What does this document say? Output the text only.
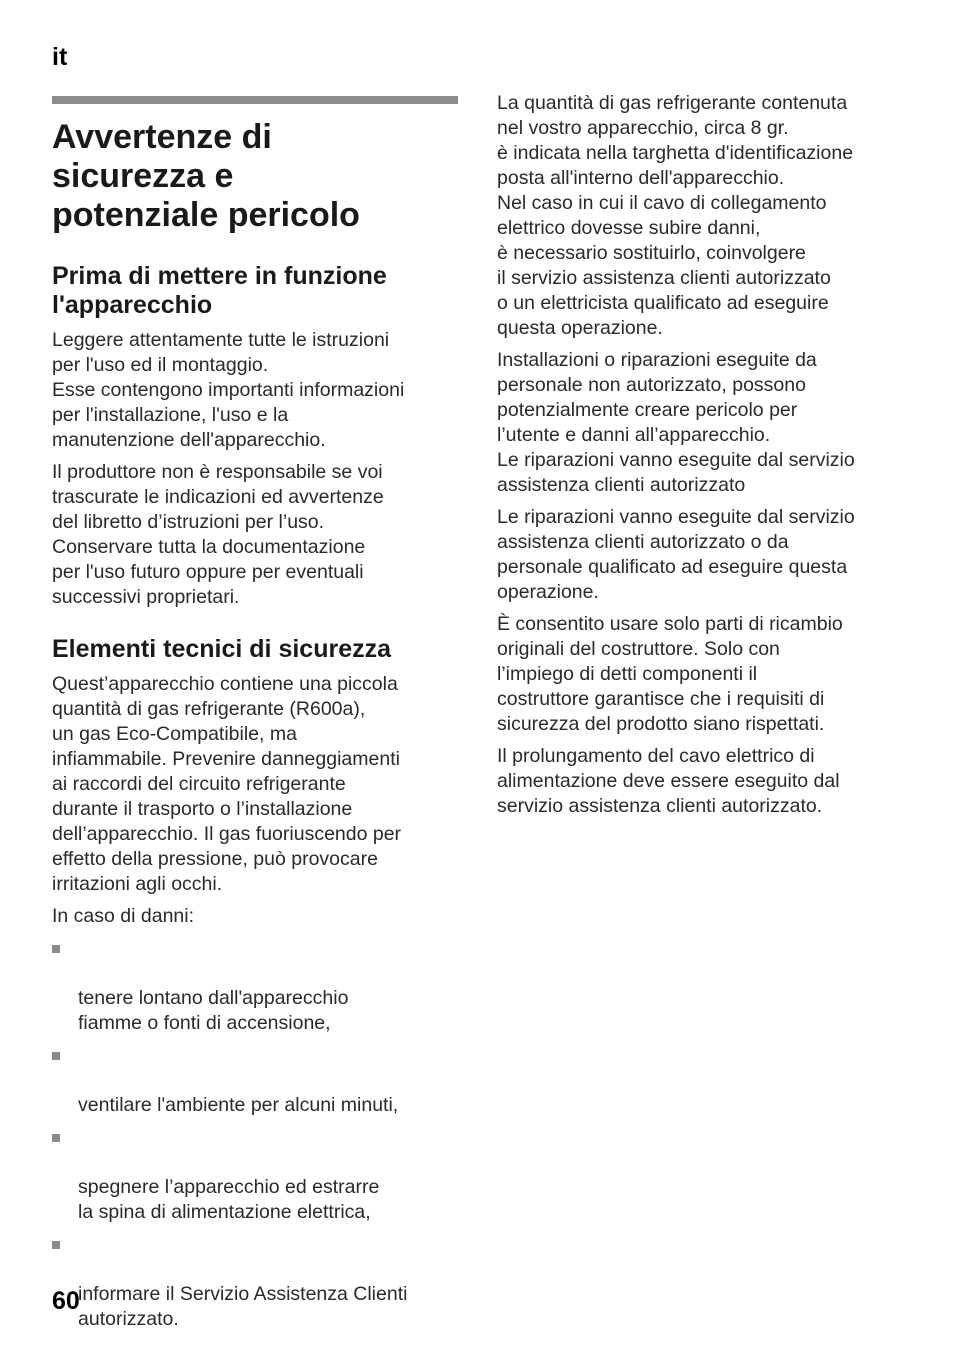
it
Avvertenze di
sicurezza e
potenziale pericolo
Prima di mettere in funzione
l'apparecchio

Leggere attentamente tutte le istruzioni
per l'uso ed il montaggio.
Esse contengono importanti informazioni
per l'installazione, l'uso e la
manutenzione dell'apparecchio.

Il produttore non è responsabile se voi
trascurate le indicazioni ed avvertenze
del libretto d’istruzioni per l’uso.
Conservare tutta la documentazione
per l'uso futuro oppure per eventuali
successivi proprietari.

Elementi tecnici di sicurezza

Quest’apparecchio contiene una piccola
quantità di gas refrigerante (R600a),
un gas Eco-Compatibile, ma
infiammabile. Prevenire danneggiamenti
ai raccordi del circuito refrigerante
durante il trasporto o l’installazione
dell’apparecchio. Il gas fuoriuscendo per
effetto della pressione, può provocare
irritazioni agli occhi.

In caso di danni:

tenere lontano dall'apparecchio
fiamme o fonti di accensione,

ventilare l'ambiente per alcuni minuti,

spegnere l’apparecchio ed estrarre
la spina di alimentazione elettrica,

informare il Servizio Assistenza Clienti
autorizzato.

La quantità di gas refrigerante contenuta
nel vostro apparecchio, circa 8 gr.
è indicata nella targhetta d'identificazione
posta all'interno dell'apparecchio.
Nel caso in cui il cavo di collegamento
elettrico dovesse subire danni,
è necessario sostituirlo, coinvolgere
il servizio assistenza clienti autorizzato
o un elettricista qualificato ad eseguire
questa operazione.

Installazioni o riparazioni eseguite da
personale non autorizzato, possono
potenzialmente creare pericolo per
l’utente e danni all’apparecchio.
Le riparazioni vanno eseguite dal servizio
assistenza clienti autorizzato

Le riparazioni vanno eseguite dal servizio
assistenza clienti autorizzato o da
personale qualificato ad eseguire questa
operazione.

È consentito usare solo parti di ricambio
originali del costruttore. Solo con
l’impiego di detti componenti il
costruttore garantisce che i requisiti di
sicurezza del prodotto siano rispettati.

Il prolungamento del cavo elettrico di
alimentazione deve essere eseguito dal
servizio assistenza clienti autorizzato.

60
